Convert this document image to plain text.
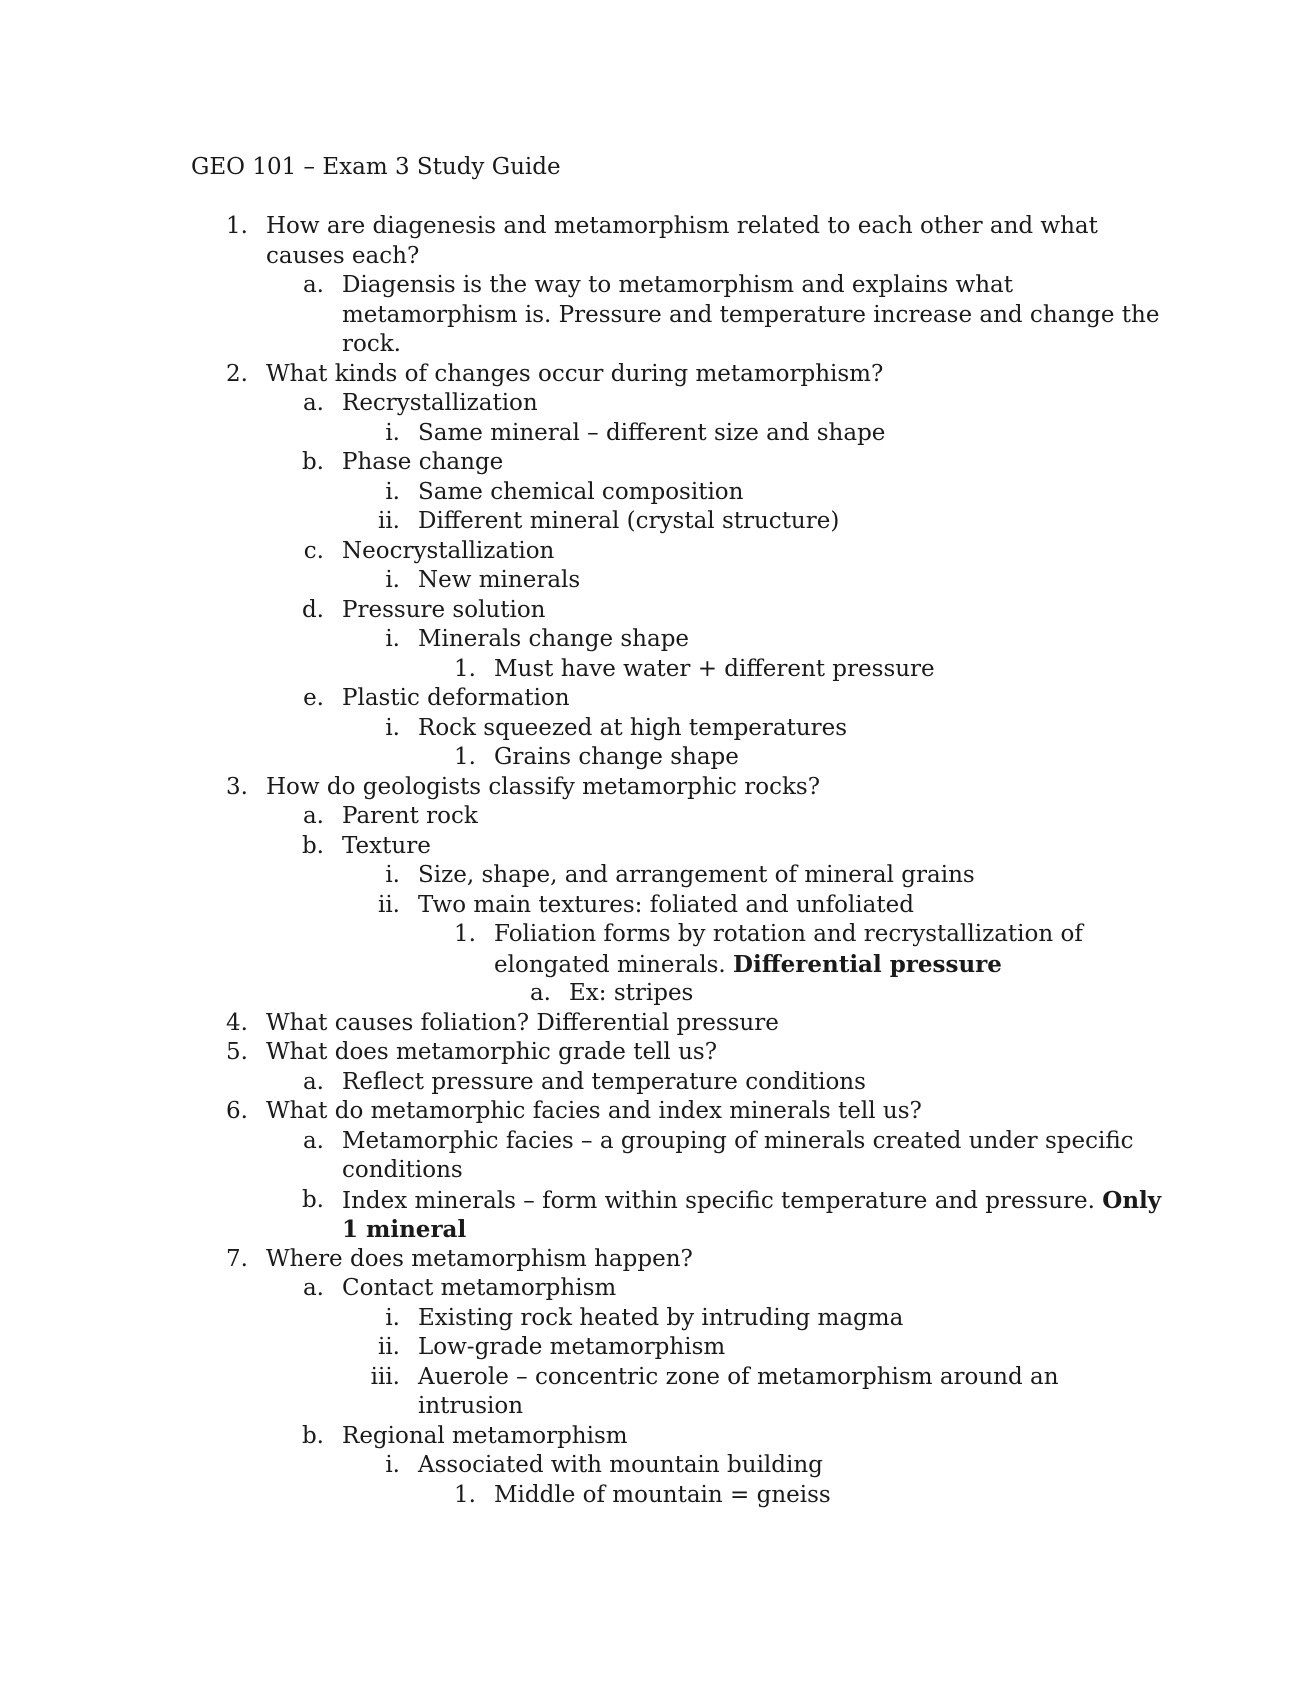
GEO 101 – Exam 3 Study Guide
1. How are diagenesis and metamorphism related to each other and what
causes each?
a. Diagensis is the way to metamorphism and explains what
metamorphism is. Pressure and temperature increase and change the
rock.
2. What kinds of changes occur during metamorphism?
a. Recrystallization
i. Same mineral – different size and shape
b. Phase change
i. Same chemical composition
ii. Different mineral (crystal structure)
c. Neocrystallization
i. New minerals
d. Pressure solution
i. Minerals change shape
1. Must have water + different pressure
e. Plastic deformation
i. Rock squeezed at high temperatures
1. Grains change shape
3. How do geologists classify metamorphic rocks?
a. Parent rock
b. Texture
i. Size, shape, and arrangement of mineral grains
ii. Two main textures: foliated and unfoliated
1. Foliation forms by rotation and recrystallization of
elongated minerals. Differential pressure
a. Ex: stripes
4. What causes foliation? Differential pressure
5. What does metamorphic grade tell us?
a. Reflect pressure and temperature conditions
6. What do metamorphic facies and index minerals tell us?
a. Metamorphic facies – a grouping of minerals created under specific
conditions
b. Index minerals – form within specific temperature and pressure. Only
1 mineral
7. Where does metamorphism happen?
a. Contact metamorphism
i. Existing rock heated by intruding magma
ii. Low-grade metamorphism
iii. Auerole – concentric zone of metamorphism around an
intrusion
b. Regional metamorphism
i. Associated with mountain building
1. Middle of mountain = gneiss
